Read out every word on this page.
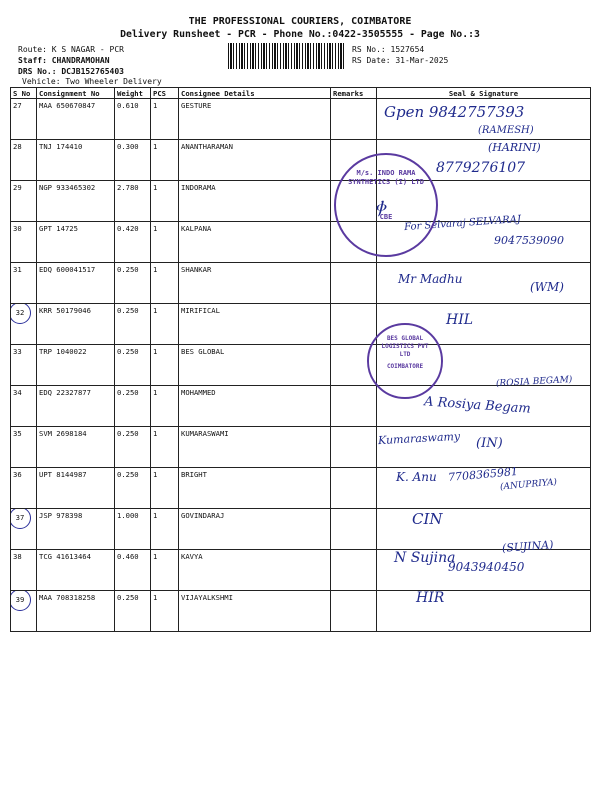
THE PROFESSIONAL COURIERS, COIMBATORE
Delivery Runsheet - PCR - Phone No.:0422-3505555 - Page No.:3
Route: K S NAGAR - PCR
Staff: CHANDRAMOHAN
DRS No.: DCJB152765403
Vehicle: Two Wheeler Delivery
RS No.: 1527654
RS Date: 31-Mar-2025
S No	Consignment No	Weight	PCS	Consignee Details	Remarks	Seal & Signature
27	MAA 650670847	0.610	1	GESTURE		
28	TNJ 174410	0.300	1	ANANTHARAMAN		
29	NGP 933465302	2.780	1	INDORAMA		
30	GPT 14725	0.420	1	KALPANA		
31	EDQ 600041517	0.250	1	SHANKAR		
32	KRR 50179046	0.250	1	MIRIFICAL		
33	TRP 1040022	0.250	1	BES GLOBAL		
34	EDQ 22327877	0.250	1	MOHAMMED		
35	SVM 2698184	0.250	1	KUMARASWAMI		
36	UPT 8144987	0.250	1	BRIGHT		
37	JSP 978398	1.000	1	GOVINDARAJ		
38	TCG 41613464	0.460	1	KAVYA		
39	MAA 708318258	0.250	1	VIJAYALKSHMI		
Gpen 9842757393
(RAMESH)
(HARINI)
8779276107
ⲫ
For Selvaraj SELVARAJ
9047539090
Mr Madhu
(WM)
HIL
(ROSIA BEGAM)
A Rosiya Begam
Kumaraswamy (IN)
K. Anu 7708365981
(ANUPRIYA)
CIN
N Sujina
(SUJINA)
9043940450
HIR
M/s. INDO RAMA SYNTHETICS (I) LTD
CBE
BES GLOBAL LOGISTICS PVT LTD
COIMBATORE
